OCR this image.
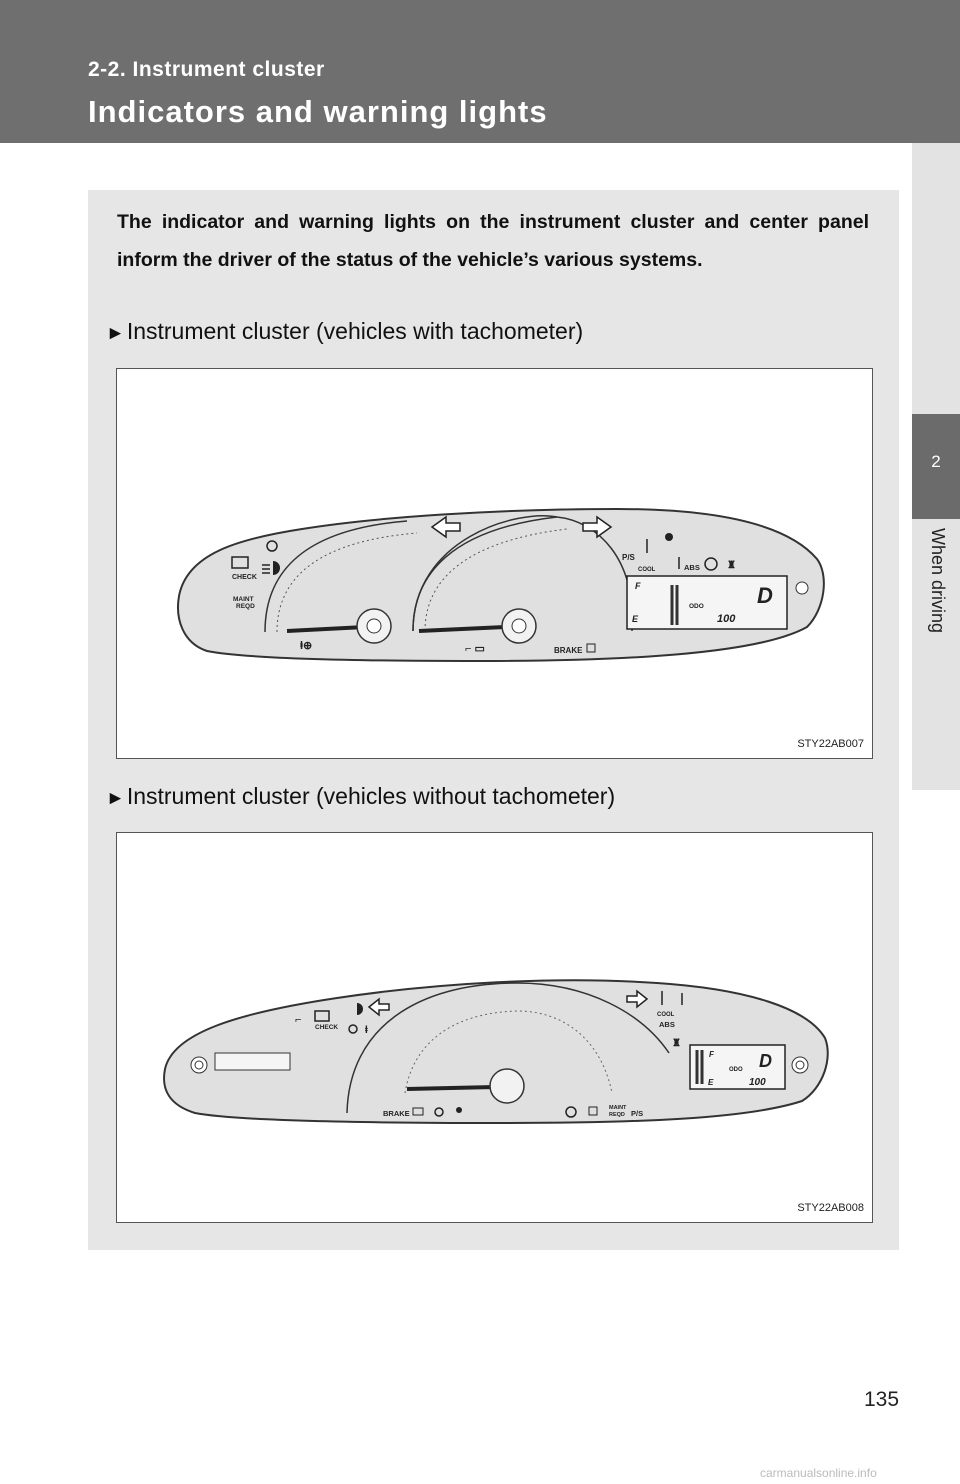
2-2. Instrument cluster
Indicators and warning lights
2
When driving
The indicator and warning lights on the instrument cluster and center panel inform the driver of the status of the vehicle’s various systems.
►Instrument cluster (vehicles with tachometer)
CHECK
MAINT
REQD
ⱡ⊕	⌐ ▭	BRAKE
P/S
COOL	ABS	♜
F
E
ODO D
100
STY22AB007
►Instrument cluster (vehicles without tachometer)
⌐
CHECK	ⱡ
COOL
ABS
♜
F
E
ODO D
100
BRAKE
MAINT
REQD P/S
STY22AB008
135
carmanualsonline.info
